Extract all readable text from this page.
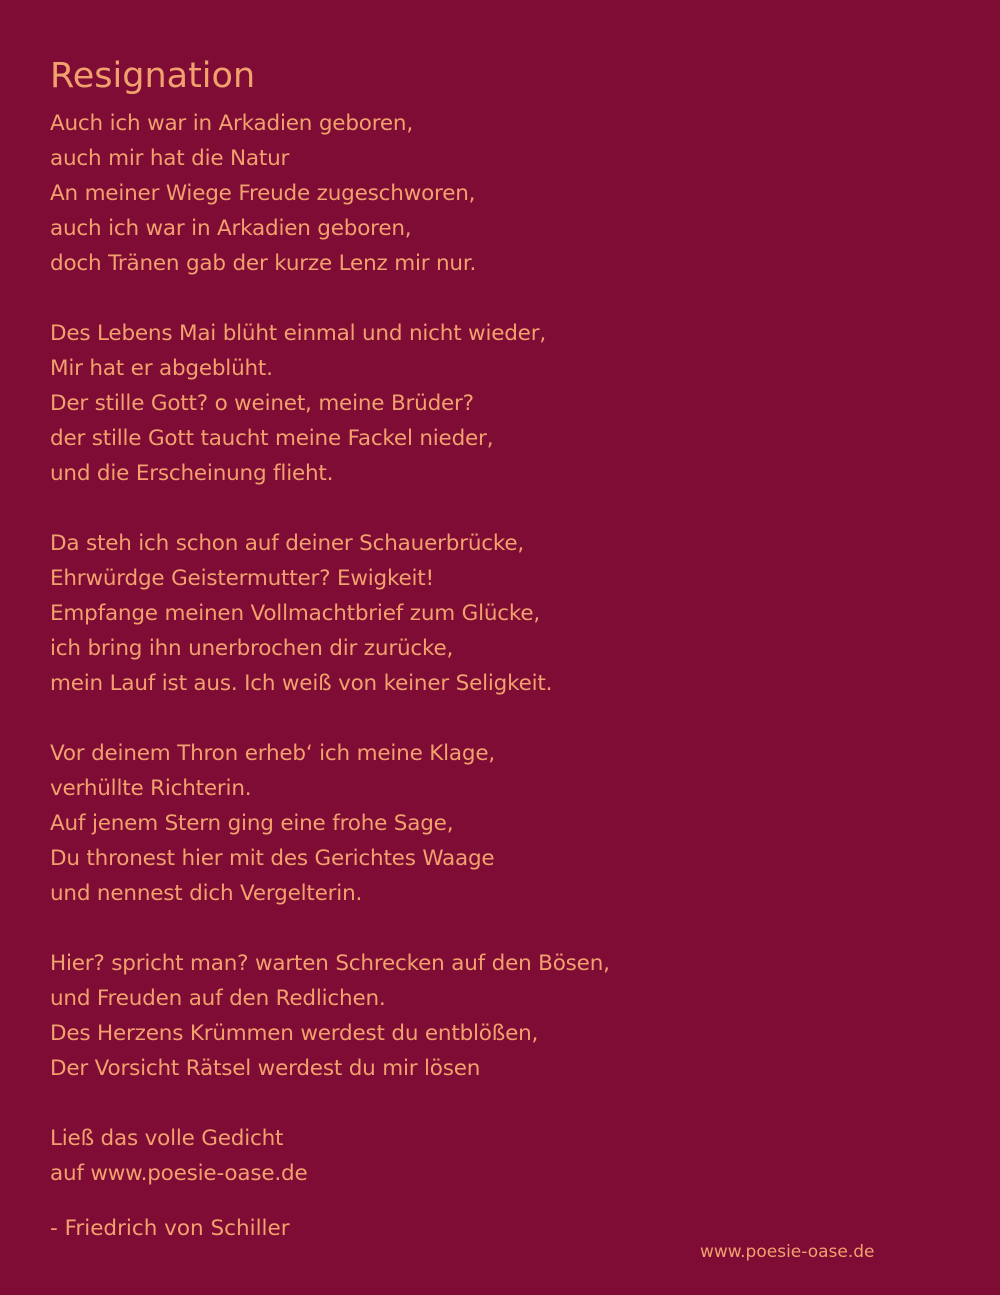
Resignation
Auch ich war in Arkadien geboren,
auch mir hat die Natur
An meiner Wiege Freude zugeschworen,
auch ich war in Arkadien geboren,
doch Tränen gab der kurze Lenz mir nur.
Des Lebens Mai blüht einmal und nicht wieder,
Mir hat er abgeblüht.
Der stille Gott? o weinet, meine Brüder?
der stille Gott taucht meine Fackel nieder,
und die Erscheinung flieht.
Da steh ich schon auf deiner Schauerbrücke,
Ehrwürdge Geistermutter? Ewigkeit!
Empfange meinen Vollmachtbrief zum Glücke,
ich bring ihn unerbrochen dir zurücke,
mein Lauf ist aus. Ich weiß von keiner Seligkeit.
Vor deinem Thron erheb‘ ich meine Klage,
verhüllte Richterin.
Auf jenem Stern ging eine frohe Sage,
Du thronest hier mit des Gerichtes Waage
und nennest dich Vergelterin.
Hier? spricht man? warten Schrecken auf den Bösen,
und Freuden auf den Redlichen.
Des Herzens Krümmen werdest du entblößen,
Der Vorsicht Rätsel werdest du mir lösen
Ließ das volle Gedicht
auf www.poesie-oase.de
- Friedrich von Schiller
www.poesie-oase.de
